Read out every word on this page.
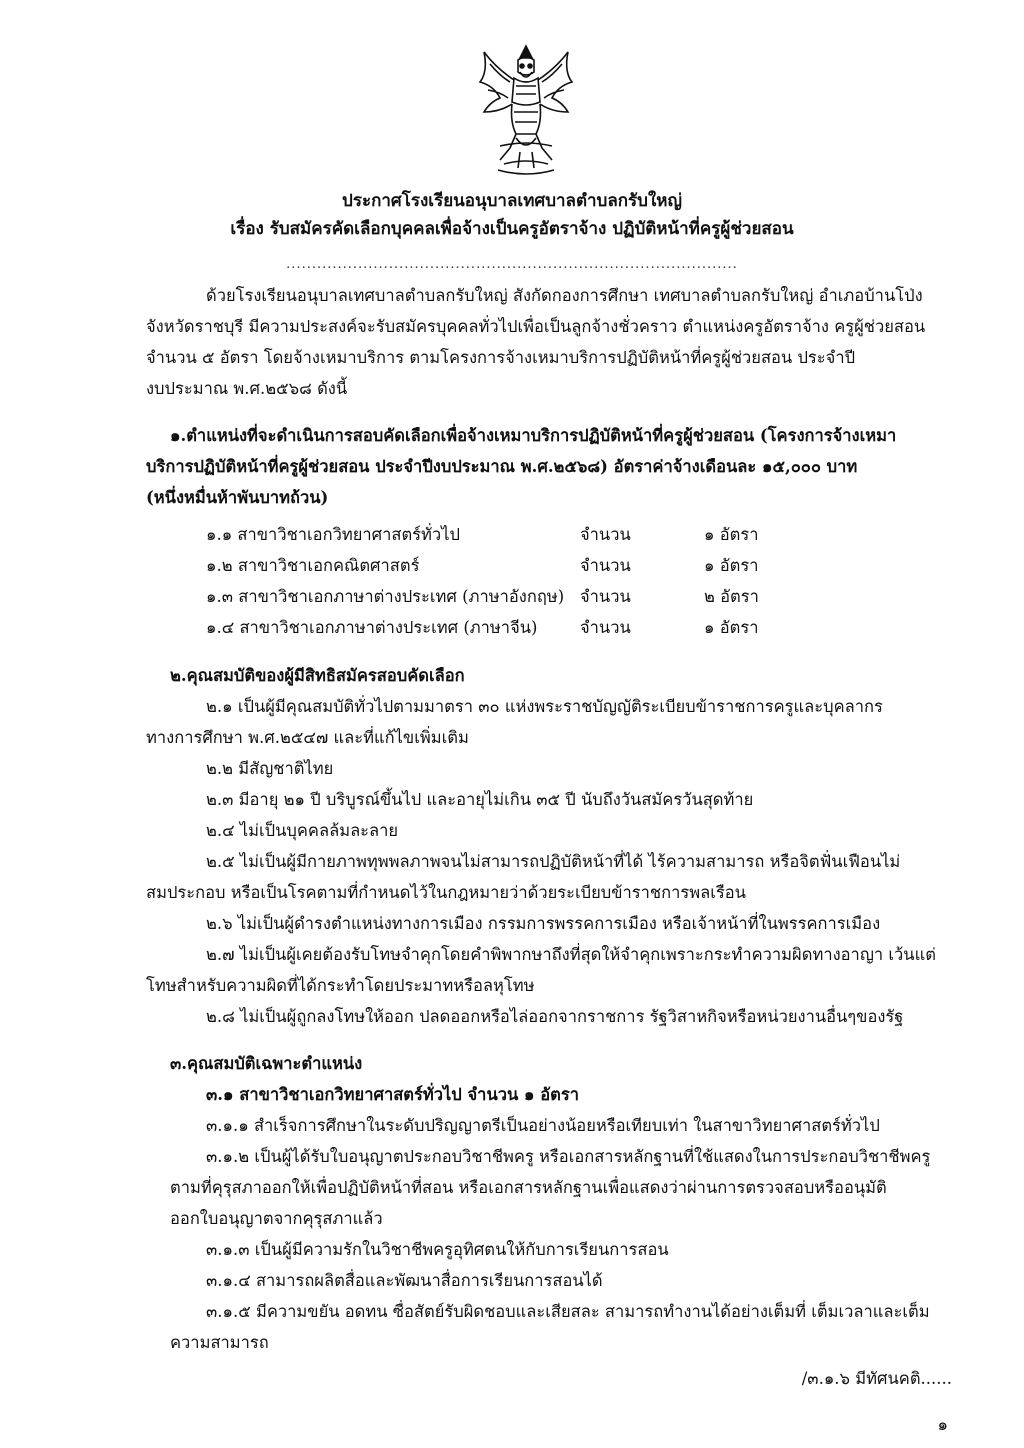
ประกาศโรงเรียนอนุบาลเทศบาลตำบลกรับใหญ่
เรื่อง รับสมัครคัดเลือกบุคคลเพื่อจ้างเป็นครูอัตราจ้าง ปฏิบัติหน้าที่ครูผู้ช่วยสอน
........................................................................................
ด้วยโรงเรียนอนุบาลเทศบาลตำบลกรับใหญ่ สังกัดกองการศึกษา เทศบาลตำบลกรับใหญ่ อำเภอบ้านโป่ง
จังหวัดราชบุรี มีความประสงค์จะรับสมัครบุคคลทั่วไปเพื่อเป็นลูกจ้างชั่วคราว ตำแหน่งครูอัตราจ้าง ครูผู้ช่วยสอน
จำนวน ๕ อัตรา โดยจ้างเหมาบริการ ตามโครงการจ้างเหมาบริการปฏิบัติหน้าที่ครูผู้ช่วยสอน ประจำปี
งบประมาณ พ.ศ.๒๕๖๘ ดังนี้
๑.ตำแหน่งที่จะดำเนินการสอบคัดเลือกเพื่อจ้างเหมาบริการปฏิบัติหน้าที่ครูผู้ช่วยสอน (โครงการจ้างเหมา
บริการปฏิบัติหน้าที่ครูผู้ช่วยสอน ประจำปีงบประมาณ พ.ศ.๒๕๖๘) อัตราค่าจ้างเดือนละ ๑๕,๐๐๐ บาท
(หนึ่งหมื่นห้าพันบาทถ้วน)
๑.๑ สาขาวิชาเอกวิทยาศาสตร์ทั่วไป	จำนวน	๑ อัตรา
๑.๒ สาขาวิชาเอกคณิตศาสตร์	จำนวน	๑ อัตรา
๑.๓ สาขาวิชาเอกภาษาต่างประเทศ (ภาษาอังกฤษ) จำนวน	๒ อัตรา
๑.๔ สาขาวิชาเอกภาษาต่างประเทศ (ภาษาจีน)	จำนวน	๑ อัตรา
๒.คุณสมบัติของผู้มีสิทธิสมัครสอบคัดเลือก
๒.๑ เป็นผู้มีคุณสมบัติทั่วไปตามมาตรา ๓๐ แห่งพระราชบัญญัติระเบียบข้าราชการครูและบุคลากร
ทางการศึกษา พ.ศ.๒๕๔๗ และที่แก้ไขเพิ่มเติม
๒.๒ มีสัญชาติไทย
๒.๓ มีอายุ ๒๑ ปี บริบูรณ์ขึ้นไป และอายุไม่เกิน ๓๕ ปี นับถึงวันสมัครวันสุดท้าย
๒.๔ ไม่เป็นบุคคลล้มละลาย
๒.๕ ไม่เป็นผู้มีกายภาพทุพพลภาพจนไม่สามารถปฏิบัติหน้าที่ได้ ไร้ความสามารถ หรือจิตฟั่นเฟือนไม่
สมประกอบ หรือเป็นโรคตามที่กำหนดไว้ในกฎหมายว่าด้วยระเบียบข้าราชการพลเรือน
๒.๖ ไม่เป็นผู้ดำรงตำแหน่งทางการเมือง กรรมการพรรคการเมือง หรือเจ้าหน้าที่ในพรรคการเมือง
๒.๗ ไม่เป็นผู้เคยต้องรับโทษจำคุกโดยคำพิพากษาถึงที่สุดให้จำคุกเพราะกระทำความผิดทางอาญา เว้นแต่
โทษสำหรับความผิดที่ได้กระทำโดยประมาทหรือลหุโทษ
๒.๘ ไม่เป็นผู้ถูกลงโทษให้ออก ปลดออกหรือไล่ออกจากราชการ รัฐวิสาหกิจหรือหน่วยงานอื่นๆของรัฐ
๓.คุณสมบัติเฉพาะตำแหน่ง
๓.๑ สาขาวิชาเอกวิทยาศาสตร์ทั่วไป จำนวน ๑ อัตรา
๓.๑.๑ สำเร็จการศึกษาในระดับปริญญาตรีเป็นอย่างน้อยหรือเทียบเท่า ในสาขาวิทยาศาสตร์ทั่วไป
๓.๑.๒ เป็นผู้ได้รับใบอนุญาตประกอบวิชาชีพครู หรือเอกสารหลักฐานที่ใช้แสดงในการประกอบวิชาชีพครู
ตามที่คุรุสภาออกให้เพื่อปฏิบัติหน้าที่สอน หรือเอกสารหลักฐานเพื่อแสดงว่าผ่านการตรวจสอบหรืออนุมัติ
ออกใบอนุญาตจากคุรุสภาแล้ว
๓.๑.๓ เป็นผู้มีความรักในวิชาชีพครูอุทิศตนให้กับการเรียนการสอน
๓.๑.๔ สามารถผลิตสื่อและพัฒนาสื่อการเรียนการสอนได้
๓.๑.๕ มีความขยัน อดทน ซื่อสัตย์รับผิดชอบและเสียสละ สามารถทำงานได้อย่างเต็มที่ เต็มเวลาและเต็ม
ความสามารถ
/๓.๑.๖ มีทัศนคติ......
๑
